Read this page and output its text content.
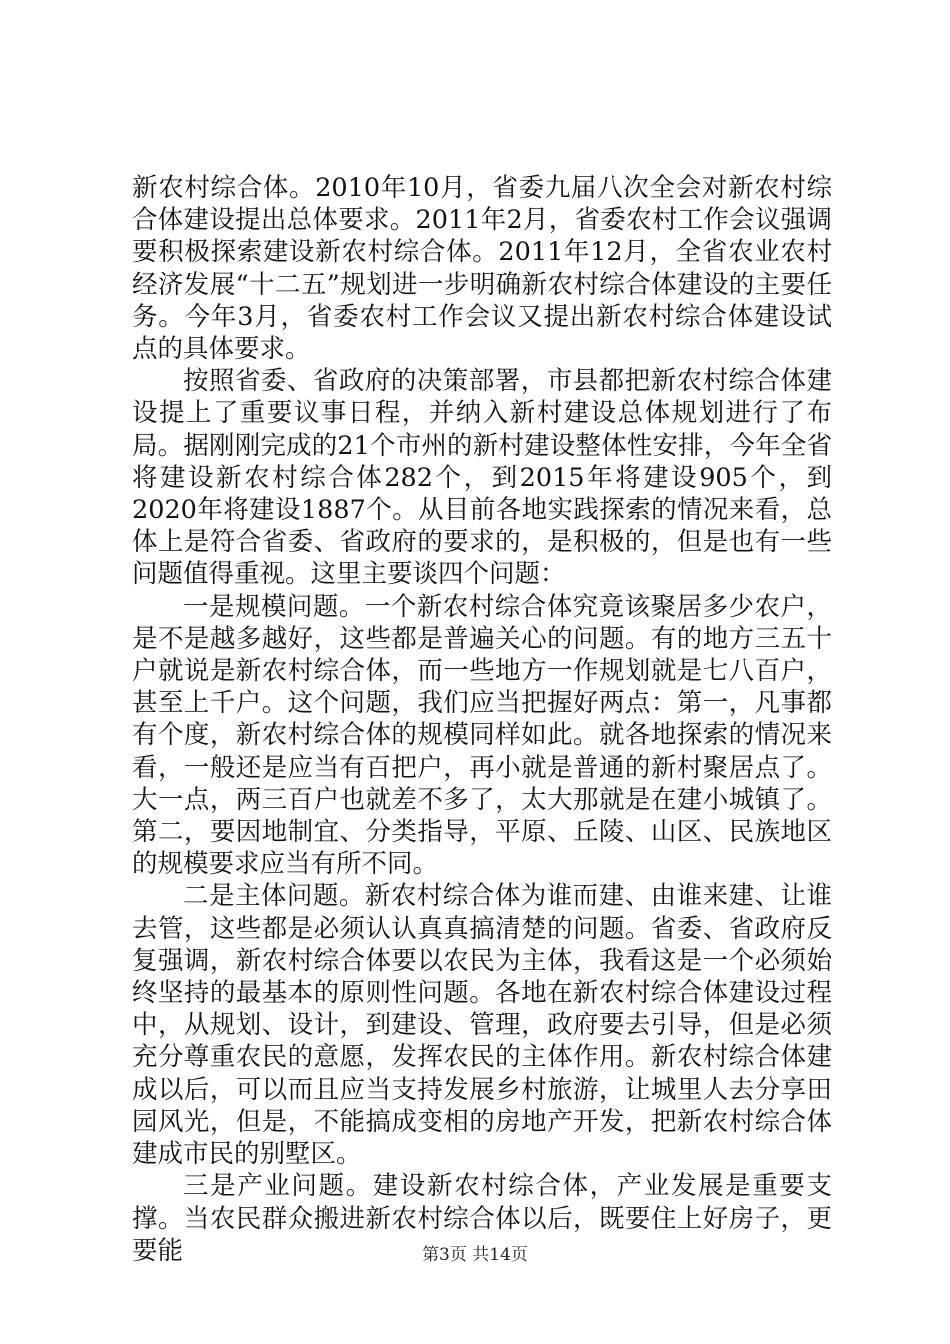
新农村综合体。2010年10月，省委九届八次全会对新农村综合体建设提出总体要求。2011年2月，省委农村工作会议强调要积极探索建设新农村综合体。2011年12月，全省农业农村经济发展“十二五”规划进一步明确新农村综合体建设的主要任务。今年3月，省委农村工作会议又提出新农村综合体建设试点的具体要求。

按照省委、省政府的决策部署，市县都把新农村综合体建设提上了重要议事日程，并纳入新村建设总体规划进行了布局。据刚刚完成的21个市州的新村建设整体性安排，今年全省将建设新农村综合体282个，到2015年将建设905个，到2020年将建设1887个。从目前各地实践探索的情况来看，总体上是符合省委、省政府的要求的，是积极的，但是也有一些问题值得重视。这里主要谈四个问题：

一是规模问题。一个新农村综合体究竟该聚居多少农户，是不是越多越好，这些都是普遍关心的问题。有的地方三五十户就说是新农村综合体，而一些地方一作规划就是七八百户，甚至上千户。这个问题，我们应当把握好两点：第一，凡事都有个度，新农村综合体的规模同样如此。就各地探索的情况来看，一般还是应当有百把户，再小就是普通的新村聚居点了。大一点，两三百户也就差不多了，太大那就是在建小城镇了。第二，要因地制宜、分类指导，平原、丘陵、山区、民族地区的规模要求应当有所不同。

二是主体问题。新农村综合体为谁而建、由谁来建、让谁去管，这些都是必须认认真真搞清楚的问题。省委、省政府反复强调，新农村综合体要以农民为主体，我看这是一个必须始终坚持的最基本的原则性问题。各地在新农村综合体建设过程中，从规划、设计，到建设、管理，政府要去引导，但是必须充分尊重农民的意愿，发挥农民的主体作用。新农村综合体建成以后，可以而且应当支持发展乡村旅游，让城里人去分享田园风光，但是，不能搞成变相的房地产开发，把新农村综合体建成市民的别墅区。

三是产业问题。建设新农村综合体，产业发展是重要支撑。当农民群众搬进新农村综合体以后，既要住上好房子，更要能	第3页 共14页
